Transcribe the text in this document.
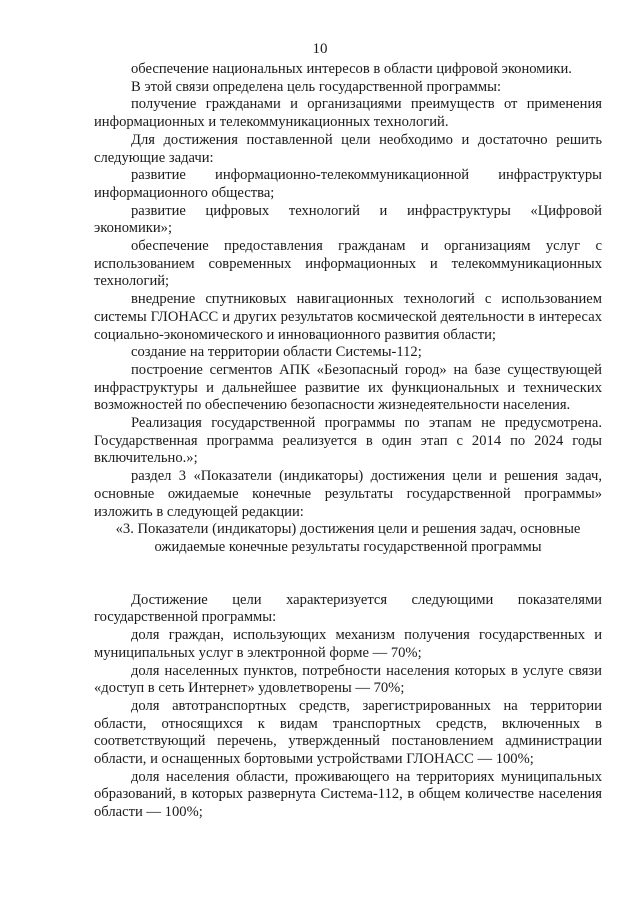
10

обеспечение национальных интересов в области цифровой экономики.

В этой связи определена цель государственной программы:

получение гражданами и организациями преимуществ от применения информационных и телекоммуникационных технологий.

Для достижения поставленной цели необходимо и достаточно решить следующие задачи:

развитие информационно-телекоммуникационной инфраструктуры информационного общества;

развитие цифровых технологий и инфраструктуры «Цифровой экономики»;

обеспечение предоставления гражданам и организациям услуг с использованием современных информационных и телекоммуникационных технологий;

внедрение спутниковых навигационных технологий с использованием системы ГЛОНАСС и других результатов космической деятельности в интересах социально-экономического и инновационного развития области;

создание на территории области Системы-112;

построение сегментов АПК «Безопасный город» на базе существующей инфраструктуры и дальнейшее развитие их функциональных и технических возможностей по обеспечению безопасности жизнедеятельности населения.

Реализация государственной программы по этапам не предусмотрена. Государственная программа реализуется в один этап с 2014 по 2024 годы включительно.»;

раздел 3 «Показатели (индикаторы) достижения цели и решения задач, основные ожидаемые конечные результаты государственной программы» изложить в следующей редакции:

«3. Показатели (индикаторы) достижения цели и решения задач, основные ожидаемые конечные результаты государственной программы

Достижение цели характеризуется следующими показателями государственной программы:

доля граждан, использующих механизм получения государственных и муниципальных услуг в электронной форме — 70%;

доля населенных пунктов, потребности населения которых в услуге связи «доступ в сеть Интернет» удовлетворены — 70%;

доля автотранспортных средств, зарегистрированных на территории области, относящихся к видам транспортных средств, включенных в соответствующий перечень, утвержденный постановлением администрации области, и оснащенных бортовыми устройствами ГЛОНАСС — 100%;

доля населения области, проживающего на территориях муниципальных образований, в которых развернута Система-112, в общем количестве населения области — 100%;
